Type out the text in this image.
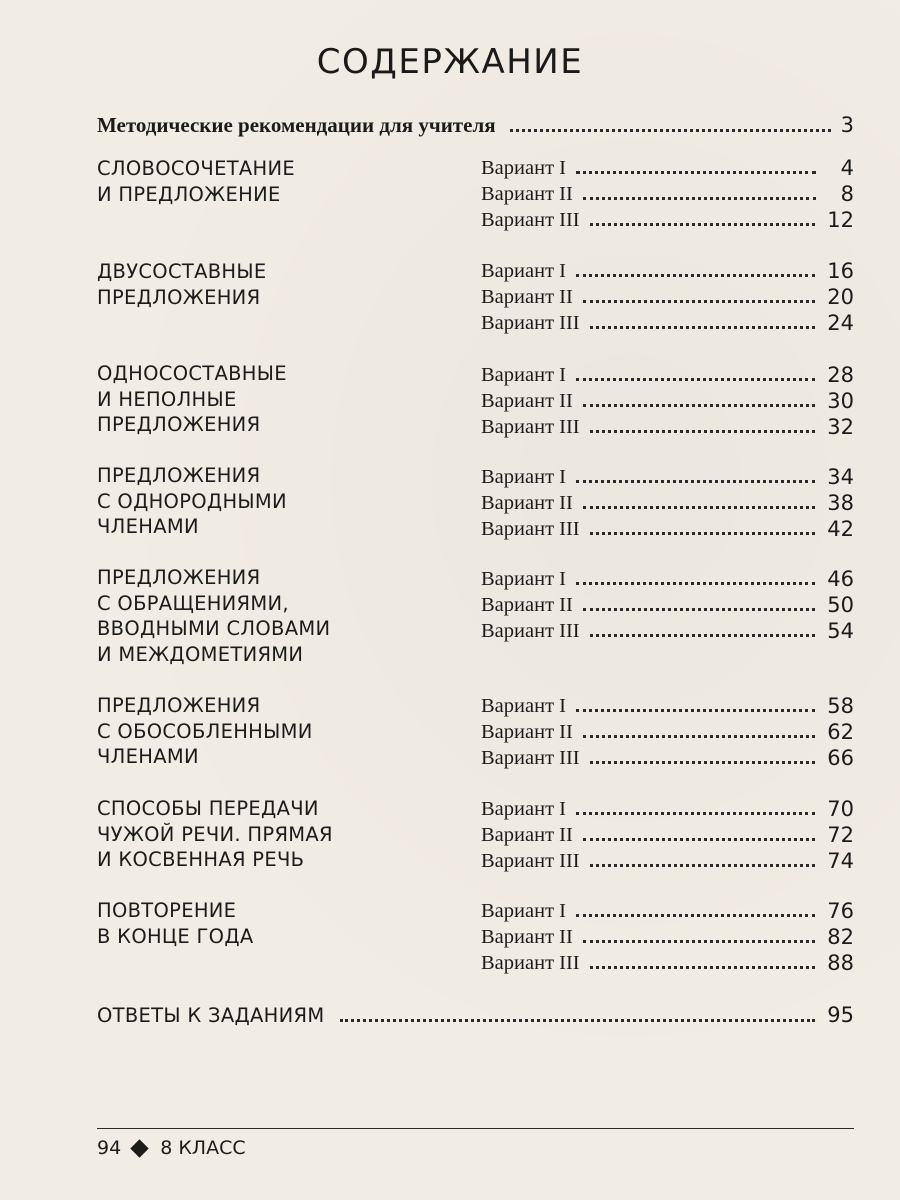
СОДЕРЖАНИЕ
Методические рекомендации для учителя	3
СЛОВОСОЧЕТАНИЕ
И ПРЕДЛОЖЕНИЕ
Вариант I	4
Вариант II	8
Вариант III	12
ДВУСОСТАВНЫЕ
ПРЕДЛОЖЕНИЯ
Вариант I	16
Вариант II	20
Вариант III	24
ОДНОСОСТАВНЫЕ
И НЕПОЛНЫЕ
ПРЕДЛОЖЕНИЯ
Вариант I	28
Вариант II	30
Вариант III	32
ПРЕДЛОЖЕНИЯ
С ОДНОРОДНЫМИ
ЧЛЕНАМИ
Вариант I	34
Вариант II	38
Вариант III	42
ПРЕДЛОЖЕНИЯ
С ОБРАЩЕНИЯМИ,
ВВОДНЫМИ СЛОВАМИ
И МЕЖДОМЕТИЯМИ
Вариант I	46
Вариант II	50
Вариант III	54
ПРЕДЛОЖЕНИЯ
С ОБОСОБЛЕННЫМИ
ЧЛЕНАМИ
Вариант I	58
Вариант II	62
Вариант III	66
СПОСОБЫ ПЕРЕДАЧИ
ЧУЖОЙ РЕЧИ. ПРЯМАЯ
И КОСВЕННАЯ РЕЧЬ
Вариант I	70
Вариант II	72
Вариант III	74
ПОВТОРЕНИЕ
В КОНЦЕ ГОДА
Вариант I	76
Вариант II	82
Вариант III	88
ОТВЕТЫ К ЗАДАНИЯМ	95
94 8 КЛАСС
